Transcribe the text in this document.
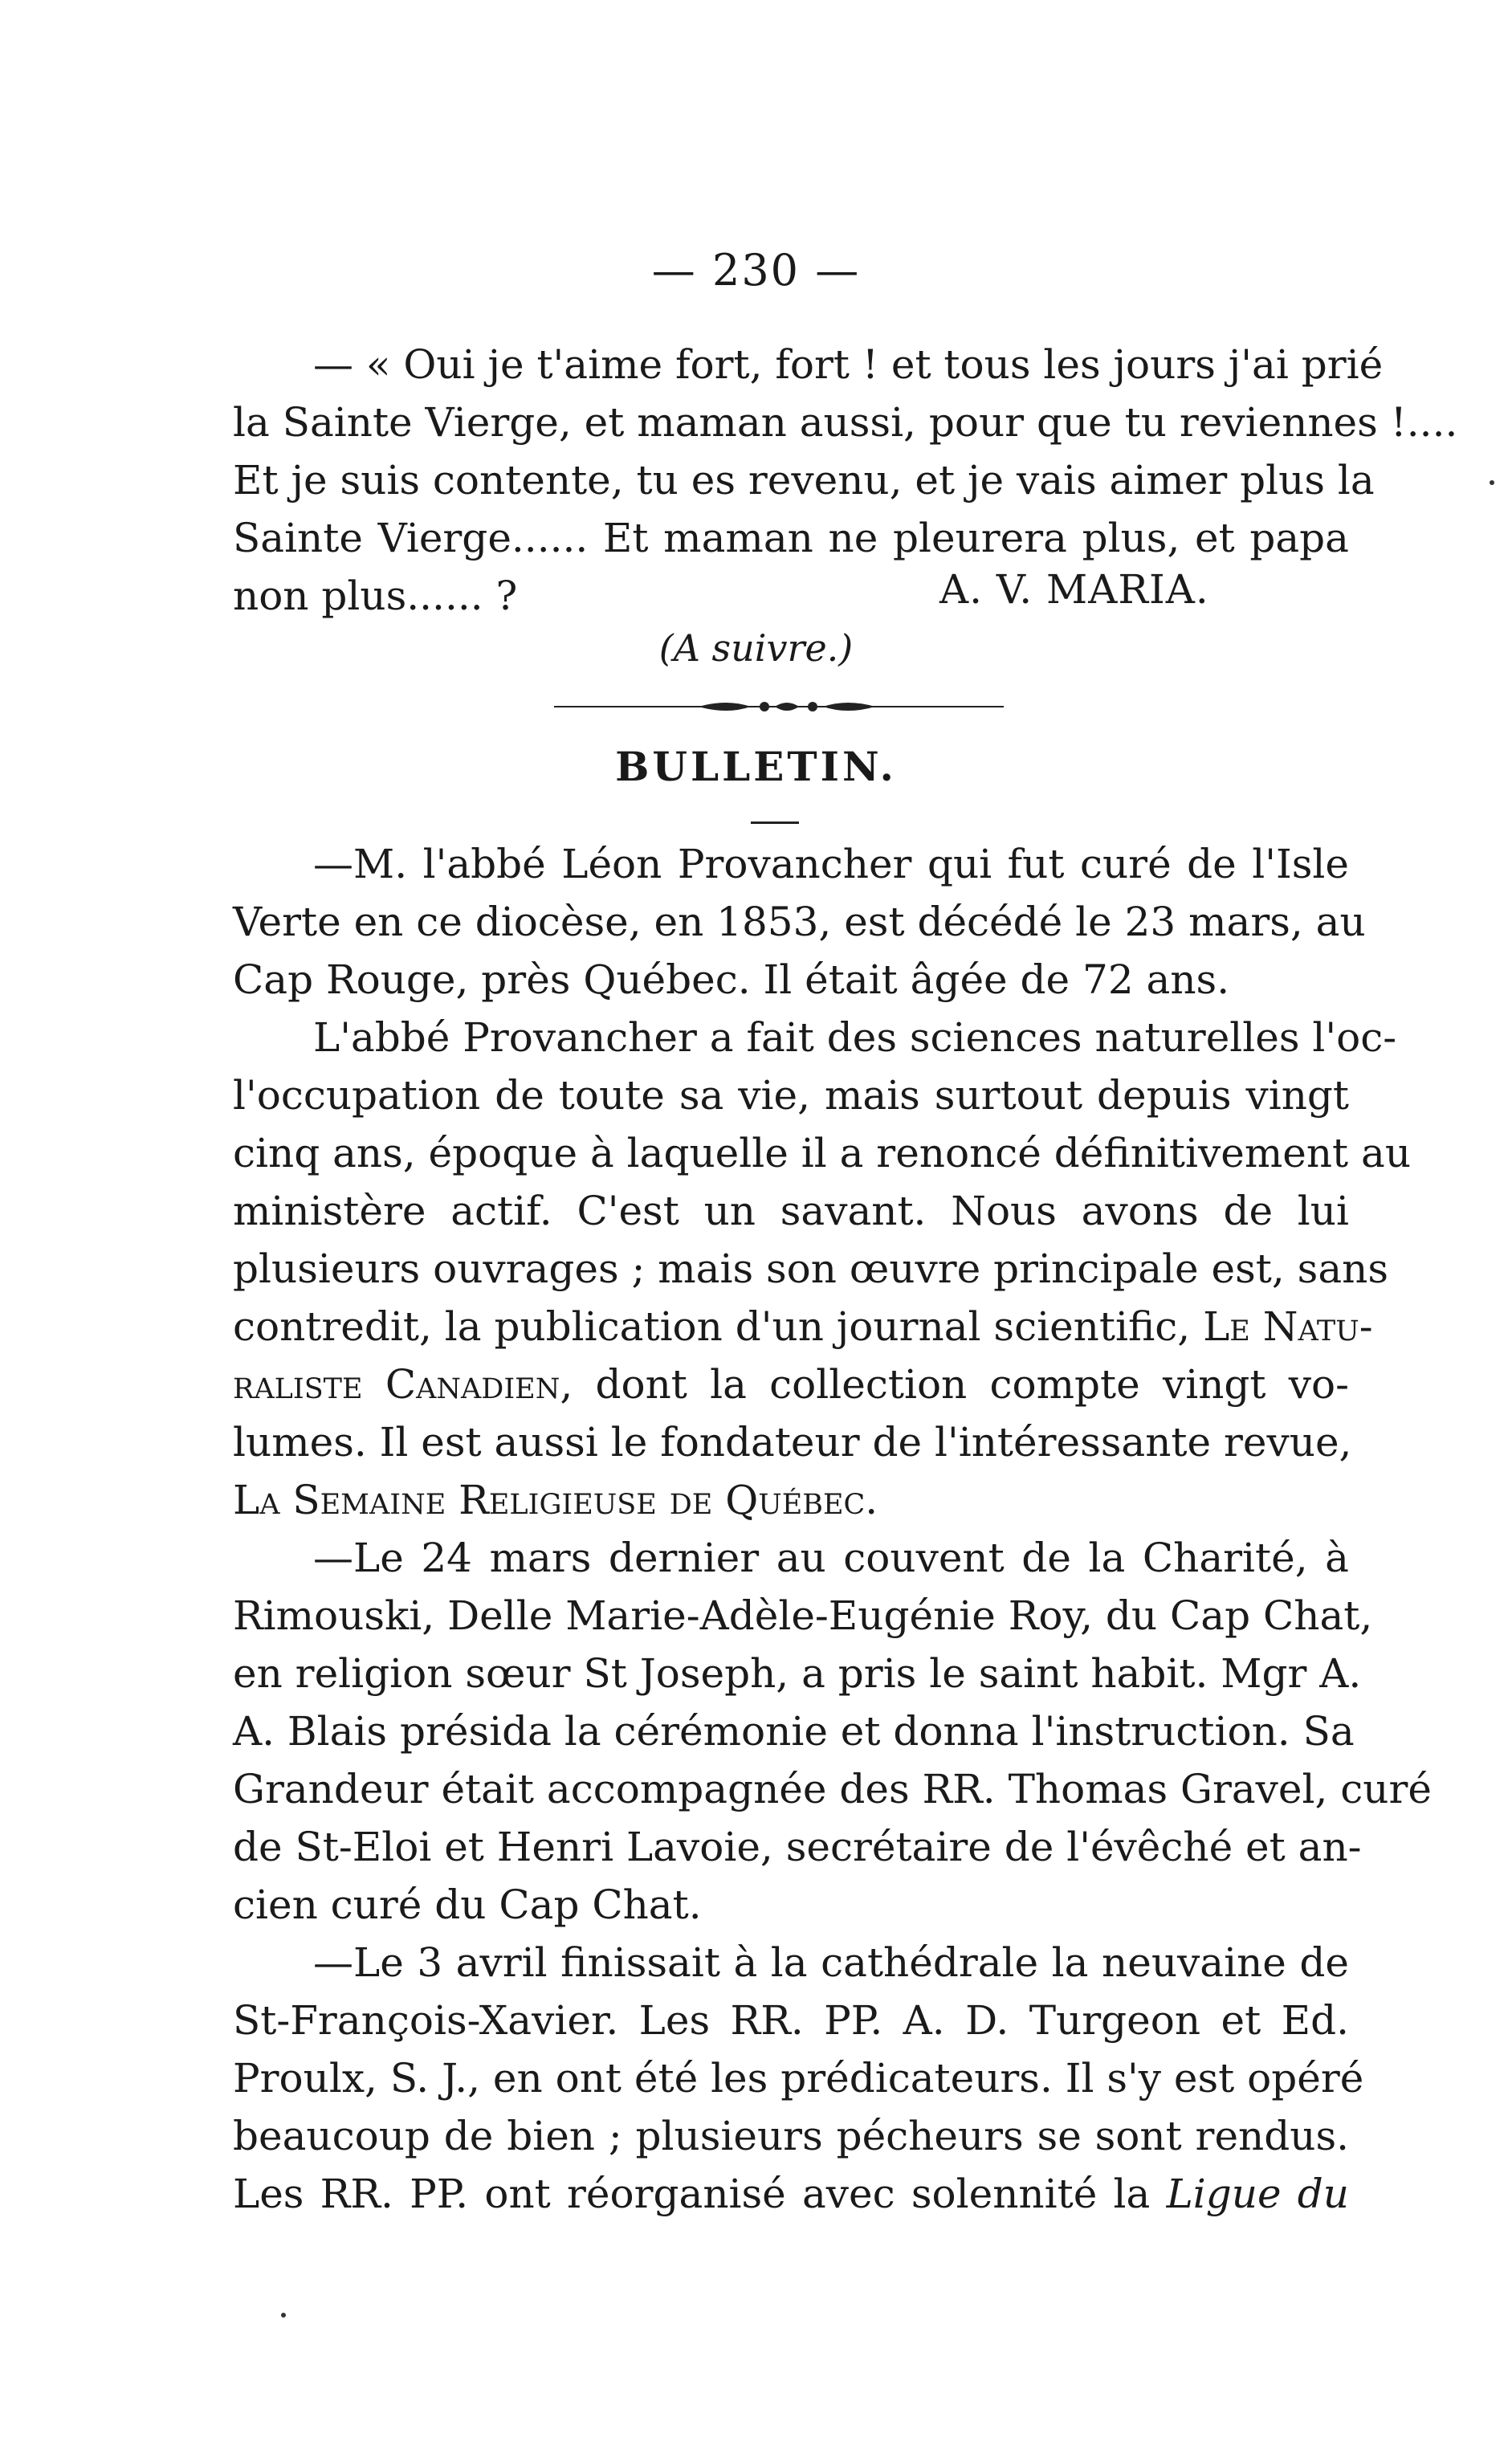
— 230 —
— « Oui je t'aime fort, fort ! et tous les jours j'ai prié
la Sainte Vierge, et maman aussi, pour que tu reviennes !....
Et je suis contente, tu es revenu, et je vais aimer plus la
Sainte Vierge...... Et maman ne pleurera plus, et papa
non plus...... ?	A. V. MARIA.
(A suivre.)
BULLETIN.
—M. l'abbé Léon Provancher qui fut curé de l'Isle
Verte en ce diocèse, en 1853, est décédé le 23 mars, au
Cap Rouge, près Québec. Il était âgée de 72 ans.
L'abbé Provancher a fait des sciences naturelles l'oc-
l'occupation de toute sa vie, mais surtout depuis vingt
cinq ans, époque à laquelle il a renoncé définitivement au
ministère actif. C'est un savant. Nous avons de lui
plusieurs ouvrages ; mais son œuvre principale est, sans
contredit, la publication d'un journal scientific, Le Natu-
raliste Canadien, dont la collection compte vingt vo-
lumes. Il est aussi le fondateur de l'intéressante revue,
La Semaine Religieuse de Québec.
—Le 24 mars dernier au couvent de la Charité, à
Rimouski, Delle Marie-Adèle-Eugénie Roy, du Cap Chat,
en religion sœur St Joseph, a pris le saint habit. Mgr A.
A. Blais présida la cérémonie et donna l'instruction. Sa
Grandeur était accompagnée des RR. Thomas Gravel, curé
de St-Eloi et Henri Lavoie, secrétaire de l'évêché et an-
cien curé du Cap Chat.
—Le 3 avril finissait à la cathédrale la neuvaine de
St-François-Xavier. Les RR. PP. A. D. Turgeon et Ed.
Proulx, S. J., en ont été les prédicateurs. Il s'y est opéré
beaucoup de bien ; plusieurs pécheurs se sont rendus.
Les RR. PP. ont réorganisé avec solennité la Ligue du
